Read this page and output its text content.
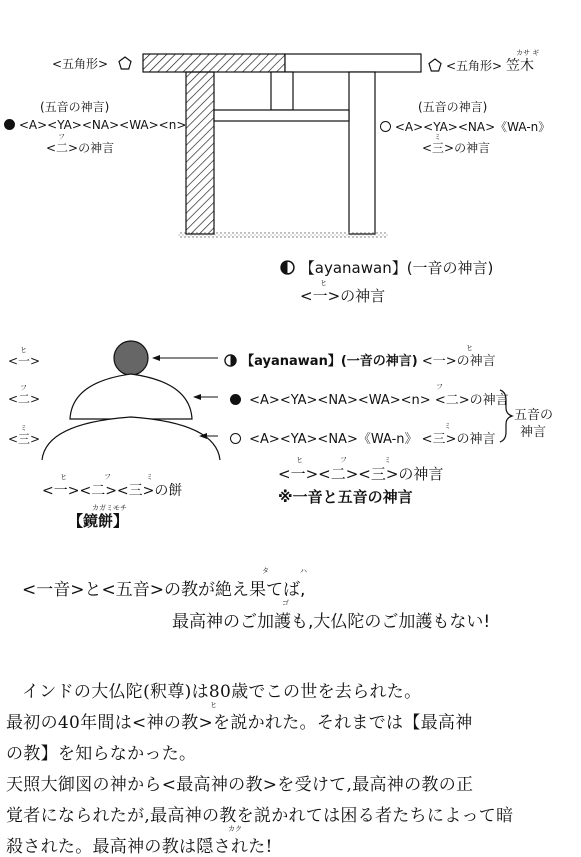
<五角形>	<五角形> 笠木
カサ ギ
(五音の神言)
<A><YA><NA><WA><n>
<二>の神言
フ
(五音の神言)
<A><YA><NA>《WA-n》
<三>の神言
ミ
【ayanawan】(一音の神言)
<一>の神言
ヒ
<一>
ヒ
<二>
フ
<三>
ミ
【ayanawan】(一音の神言) <一>の神言
ヒ
<A><YA><NA><WA><n> <二>の神言
フ
<A><YA><NA>《WA-n》 <三>の神言
ミ
五音の
神言
<一><二><三>の餅
ヒ	フ	ミ
カガミモチ
【鏡餅】
<一><二><三>の神言
ヒ	フ	ミ
※一音と五音の神言
<一音>と<五音>の教が絶え果てば,
タ	ハ
最高神のご加護も,大仏陀のご加護もない!
ゴ
インドの大仏陀(釈尊)は80歳でこの世を去られた。
最初の40年間は<神の教>を説かれた。それまでは【最高神
ヒ
の教】を知らなかった。
天照大御図の神から<最高神の教>を受けて,最高神の教の正
覚者になられたが,最高神の教を説かれては困る者たちによって暗
殺された。最高神の教は隠された!
カク
